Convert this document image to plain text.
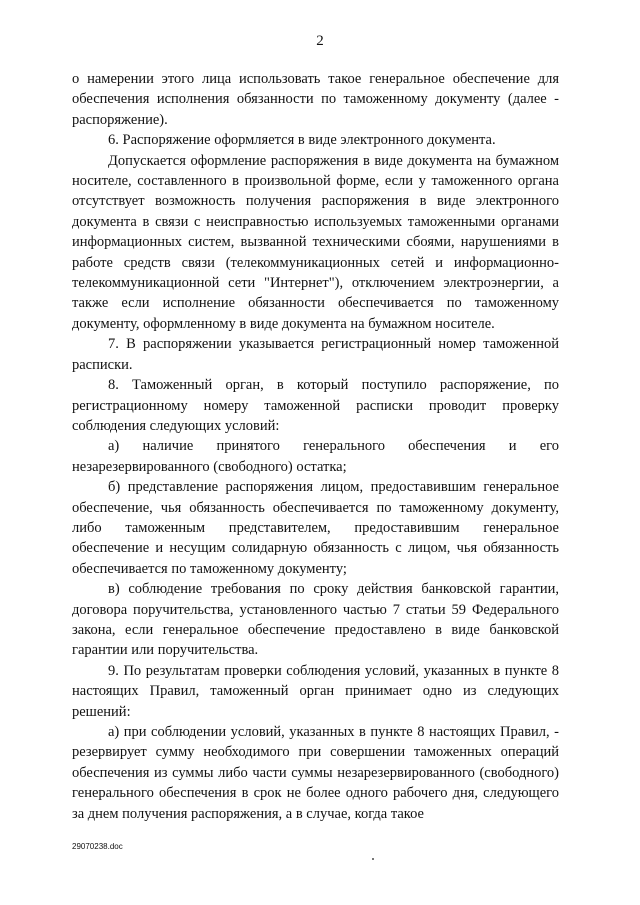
2

о намерении этого лица использовать такое генеральное обеспечение для обеспечения исполнения обязанности по таможенному документу (далее - распоряжение).

6. Распоряжение оформляется в виде электронного документа.

Допускается оформление распоряжения в виде документа на бумажном носителе, составленного в произвольной форме, если у таможенного органа отсутствует возможность получения распоряжения в виде электронного документа в связи с неисправностью используемых таможенными органами информационных систем, вызванной техническими сбоями, нарушениями в работе средств связи (телекоммуникационных сетей и информационно-телекоммуникационной сети "Интернет"), отключением электроэнергии, а также если исполнение обязанности обеспечивается по таможенному документу, оформленному в виде документа на бумажном носителе.

7. В распоряжении указывается регистрационный номер таможенной расписки.

8. Таможенный орган, в который поступило распоряжение, по регистрационному номеру таможенной расписки проводит проверку соблюдения следующих условий:

а) наличие принятого генерального обеспечения и его незарезервированного (свободного) остатка;

б) представление распоряжения лицом, предоставившим генеральное обеспечение, чья обязанность обеспечивается по таможенному документу, либо таможенным представителем, предоставившим генеральное обеспечение и несущим солидарную обязанность с лицом, чья обязанность обеспечивается по таможенному документу;

в) соблюдение требования по сроку действия банковской гарантии, договора поручительства, установленного частью 7 статьи 59 Федерального закона, если генеральное обеспечение предоставлено в виде банковской гарантии или поручительства.

9. По результатам проверки соблюдения условий, указанных в пункте 8 настоящих Правил, таможенный орган принимает одно из следующих решений:

а) при соблюдении условий, указанных в пункте 8 настоящих Правил, - резервирует сумму необходимого при совершении таможенных операций обеспечения из суммы либо части суммы незарезервированного (свободного) генерального обеспечения в срок не более одного рабочего дня, следующего за днем получения распоряжения, а в случае, когда такое

29070238.doc
